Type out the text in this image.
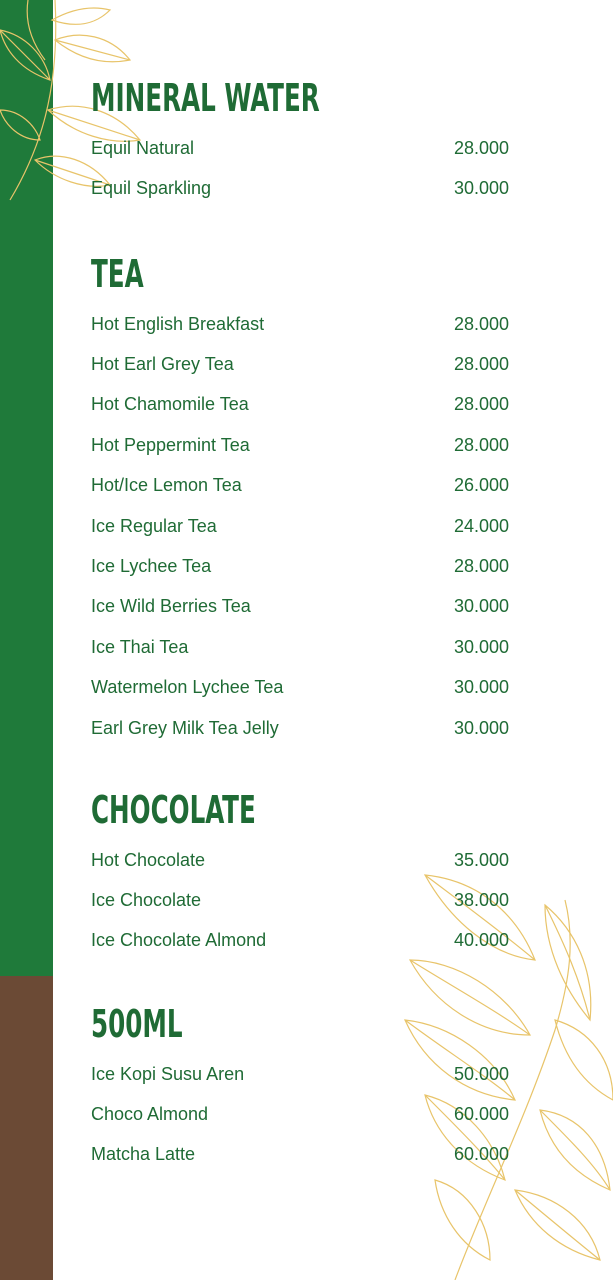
MINERAL WATER
Equil Natural	28.000
Equil Sparkling	30.000
TEA
Hot English Breakfast	28.000
Hot Earl Grey Tea	28.000
Hot Chamomile Tea	28.000
Hot Peppermint Tea	28.000
Hot/Ice Lemon Tea	26.000
Ice Regular Tea	24.000
Ice Lychee Tea	28.000
Ice Wild Berries Tea	30.000
Ice Thai Tea	30.000
Watermelon Lychee Tea	30.000
Earl Grey Milk Tea Jelly	30.000
CHOCOLATE
Hot Chocolate	35.000
Ice Chocolate	38.000
Ice Chocolate Almond	40.000
500ML
Ice Kopi Susu Aren	50.000
Choco Almond	60.000
Matcha Latte	60.000
